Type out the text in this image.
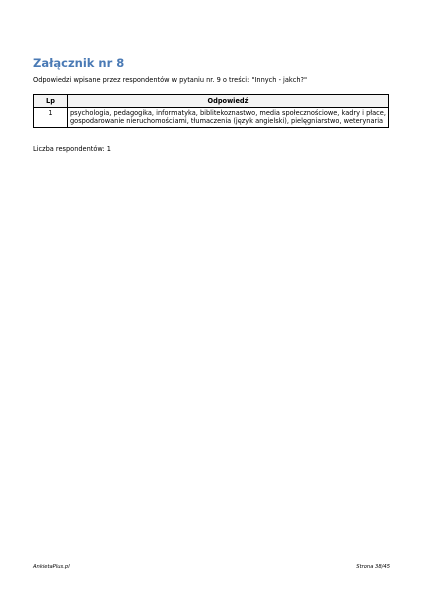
Załącznik nr 8
Odpowiedzi wpisane przez respondentów w pytaniu nr. 9 o treści: "Innych - jakch?"
Lp	Odpowiedź
1	psychologia, pedagogika, informatyka, biblitekoznastwo, media społecznościowe, kadry i płace, gospodarowanie nieruchomościami, tłumaczenia (język angielski), pielęgniarstwo, weterynaria
Liczba respondentów: 1
AnkietaPlus.pl	Strona 38/45
